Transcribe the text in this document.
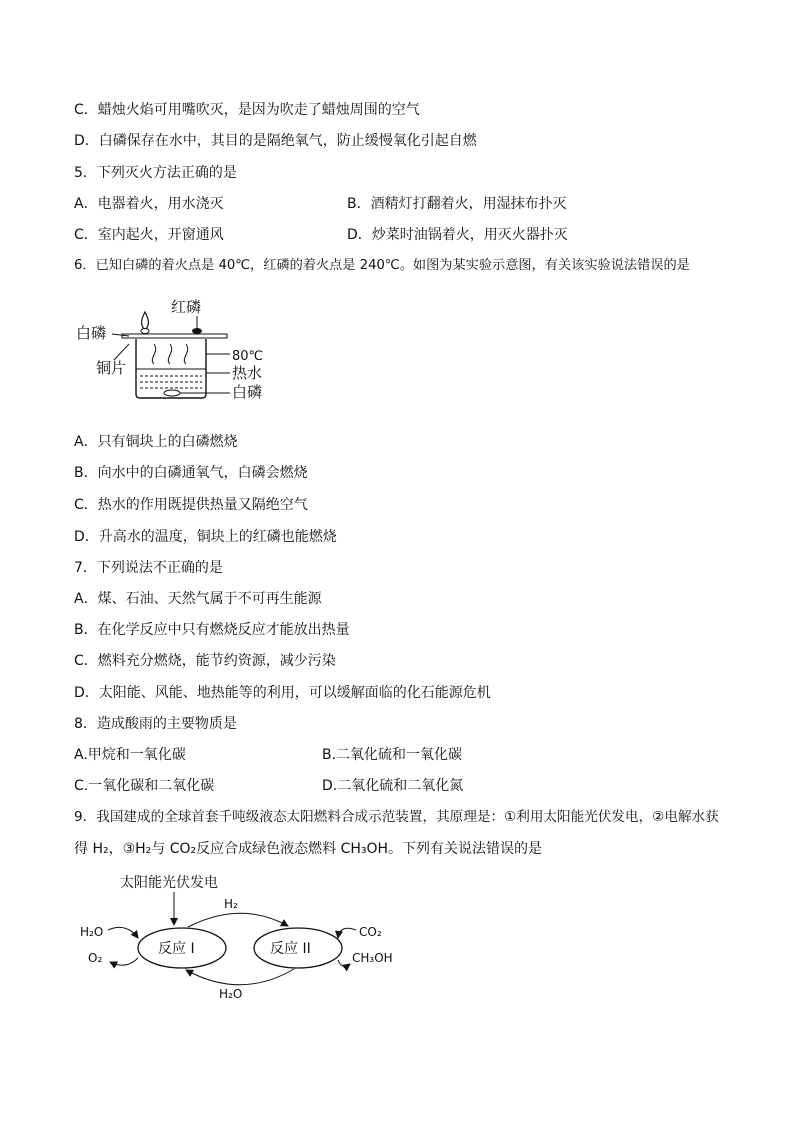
C．蜡烛火焰可用嘴吹灭，是因为吹走了蜡烛周围的空气
D．白磷保存在水中，其目的是隔绝氧气，防止缓慢氧化引起自燃
5．下列灭火方法正确的是
A．电器着火，用水浇灭	B．酒精灯打翻着火，用湿抹布扑灭
C．室内起火，开窗通风	D．炒菜时油锅着火，用灭火器扑灭
6．已知白磷的着火点是 40℃，红磷的着火点是 240℃。如图为某实验示意图，有关该实验说法错误的是
红磷
白磷
铜片
80℃
热水
白磷
A．只有铜块上的白磷燃烧
B．向水中的白磷通氧气，白磷会燃烧
C．热水的作用既提供热量又隔绝空气
D．升高水的温度，铜块上的红磷也能燃烧
7．下列说法不正确的是
A．煤、石油、天然气属于不可再生能源
B．在化学反应中只有燃烧反应才能放出热量
C．燃料充分燃烧，能节约资源，减少污染
D．太阳能、风能、地热能等的利用，可以缓解面临的化石能源危机
8．造成酸雨的主要物质是
A.甲烷和一氧化碳	B.二氧化硫和一氧化碳
C.一氧化碳和二氧化碳	D.二氧化硫和二氧化氮
9．我国建成的全球首套千吨级液态太阳燃料合成示范装置，其原理是：①利用太阳能光伏发电，②电解水获
得 H₂，③H₂与 CO₂反应合成绿色液态燃料 CH₃OH。下列有关说法错误的是
太阳能光伏发电
反应 I	反应 II
H₂
H₂O
H₂O
O₂
CO₂
CH₃OH
